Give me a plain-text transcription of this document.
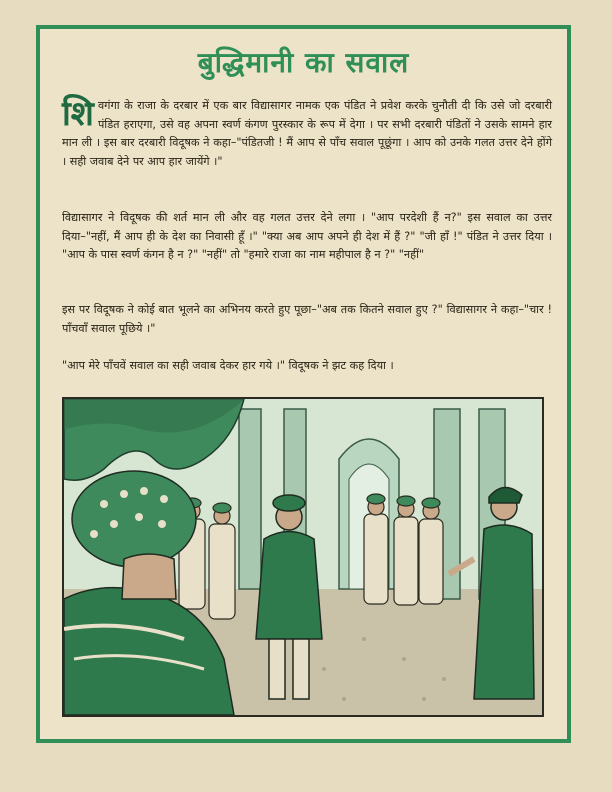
बुद्धिमानी का सवाल
शि वगंगा के राजा के दरबार में एक बार विद्यासागर नामक एक पंडित ने प्रवेश करके चुनौती दी कि उसे जो दरबारी पंडित हराएगा, उसे वह अपना स्वर्ण कंगण पुरस्कार के रूप में देगा । पर सभी दरबारी पंडितों ने उसके सामने हार मान ली । इस बार दरबारी विदूषक ने कहा–"पंडितजी ! मैं आप से पाँच सवाल पूछूंगा । आप को उनके गलत उत्तर देने होंगे । सही जवाब देने पर आप हार जायेंगे ।"
विद्यासागर ने विदूषक की शर्त मान ली और वह गलत उत्तर देने लगा । "आप परदेशी हैं न?" इस सवाल का उत्तर दिया–"नहीं, मैं आप ही के देश का निवासी हूँ ।" "क्या अब आप अपने ही देश में हैं ?" "जी हाँ !" पंडित ने उत्तर दिया । "आप के पास स्वर्ण कंगन है न ?" "नहीं" तो "हमारे राजा का नाम महीपाल है न ?" "नहीं"
इस पर विदूषक ने कोई बात भूलने का अभिनय करते हुए पूछा–"अब तक कितने सवाल हुए ?" विद्यासागर ने कहा–"चार ! पाँचवाँ सवाल पूछिये ।"
"आप मेरे पाँचवें सवाल का सही जवाब देकर हार गये ।" विदूषक ने झट कह दिया ।
